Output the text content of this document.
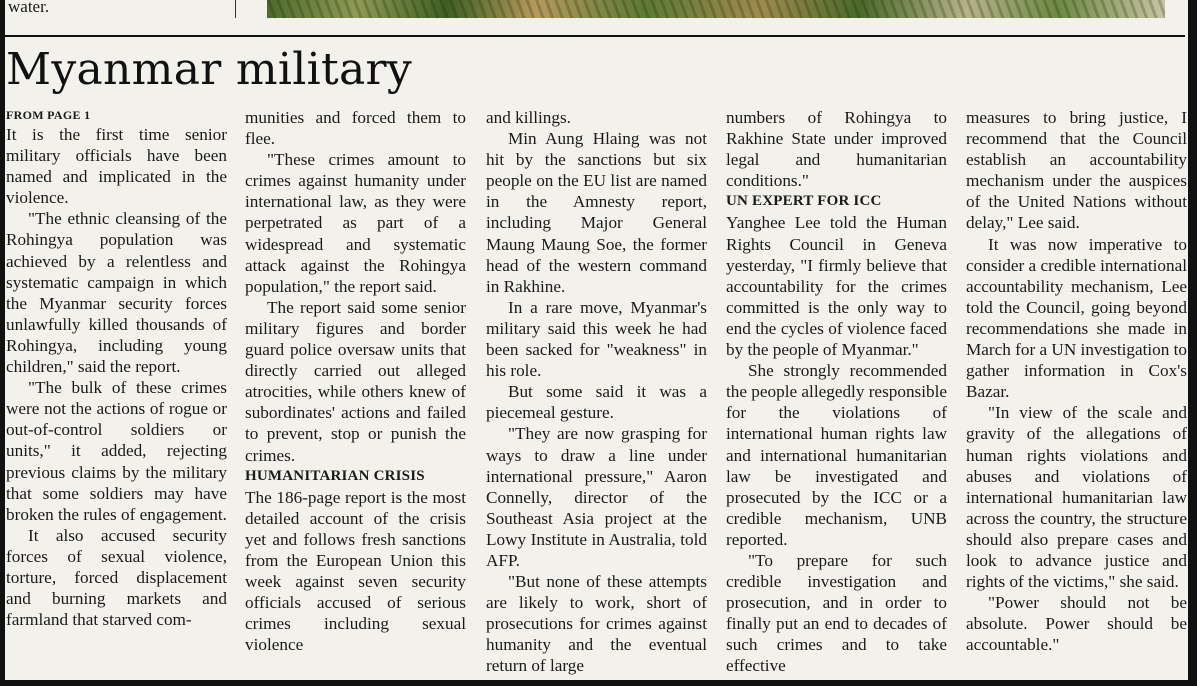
water.
Myanmar military

FROM PAGE 1

It is the first time senior military officials have been named and implicated in the violence.

"The ethnic cleansing of the Rohingya population was achieved by a relentless and systematic campaign in which the Myanmar security forces unlawfully killed thousands of Rohingya, including young children," said the report.

"The bulk of these crimes were not the actions of rogue or out-of-control soldiers or units," it added, rejecting previous claims by the military that some soldiers may have broken the rules of engagement.

It also accused security forces of sexual violence, torture, forced displacement and burning markets and farmland that starved com-

munities and forced them to flee.

"These crimes amount to crimes against humanity under international law, as they were perpetrated as part of a widespread and systematic attack against the Rohingya population," the report said.

The report said some senior military figures and border guard police oversaw units that directly carried out alleged atrocities, while others knew of subordinates' actions and failed to prevent, stop or punish the crimes.

HUMANITARIAN CRISIS

The 186-page report is the most detailed account of the crisis yet and follows fresh sanctions from the European Union this week against seven security officials accused of serious crimes including sexual violence

and killings.

Min Aung Hlaing was not hit by the sanctions but six people on the EU list are named in the Amnesty report, including Major General Maung Maung Soe, the former head of the western command in Rakhine.

In a rare move, Myanmar's military said this week he had been sacked for "weakness" in his role.

But some said it was a piecemeal gesture.

"They are now grasping for ways to draw a line under international pressure," Aaron Connelly, director of the Southeast Asia project at the Lowy Institute in Australia, told AFP.

"But none of these attempts are likely to work, short of prosecutions for crimes against humanity and the eventual return of large

numbers of Rohingya to Rakhine State under improved legal and humanitarian conditions."

UN EXPERT FOR ICC

Yanghee Lee told the Human Rights Council in Geneva yesterday, "I firmly believe that accountability for the crimes committed is the only way to end the cycles of violence faced by the people of Myanmar."

She strongly recommended the people allegedly responsible for the violations of international human rights law and international humanitarian law be investigated and prosecuted by the ICC or a credible mechanism, UNB reported.

"To prepare for such credible investigation and prosecution, and in order to finally put an end to decades of such crimes and to take effective

measures to bring justice, I recommend that the Council establish an accountability mechanism under the auspices of the United Nations without delay," Lee said.

It was now imperative to consider a credible international accountability mechanism, Lee told the Council, going beyond recommendations she made in March for a UN investigation to gather information in Cox's Bazar.

"In view of the scale and gravity of the allegations of human rights violations and abuses and violations of international humanitarian law across the country, the structure should also prepare cases and look to advance justice and rights of the victims," she said.

"Power should not be absolute. Power should be accountable."
